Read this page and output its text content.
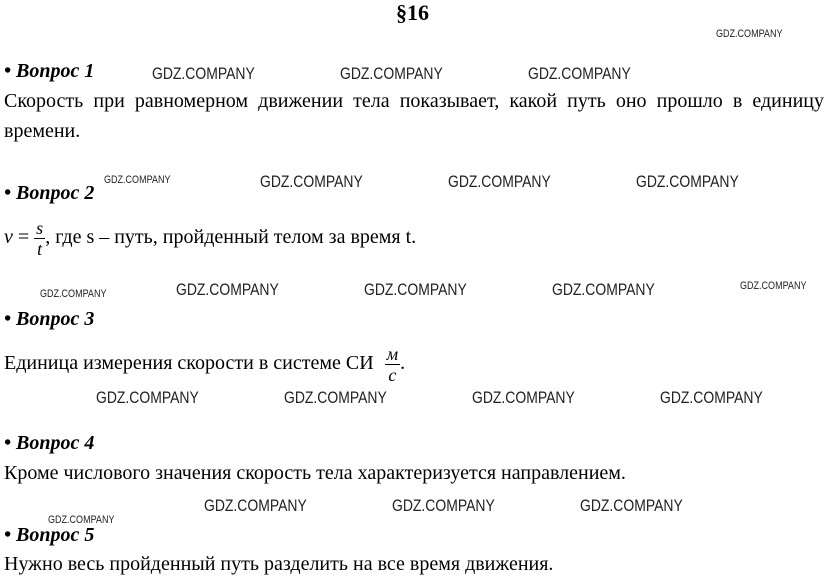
§16
GDZ.COMPANY
GDZ.COMPANY	GDZ.COMPANY	GDZ.COMPANY
GDZ.COMPANY	GDZ.COMPANY	GDZ.COMPANY	GDZ.COMPANY
GDZ.COMPANY	GDZ.COMPANY	GDZ.COMPANY	GDZ.COMPANY	GDZ.COMPANY
GDZ.COMPANY	GDZ.COMPANY	GDZ.COMPANY	GDZ.COMPANY
GDZ.COMPANY	GDZ.COMPANY	GDZ.COMPANY
GDZ.COMPANY
• Вопрос 1
Скорость при равномерном движении тела показывает, какой путь оно прошло в единицу времени.
• Вопрос 2
$v = \frac{s}{t}$ , где s – путь, пройденный телом за время t.
• Вопрос 3
Единица измерения скорости в системе СИ $\frac{м}{с}$ .
• Вопрос 4
Кроме числового значения скорость тела характеризуется направлением.
• Вопрос 5
Нужно весь пройденный путь разделить на все время движения.
